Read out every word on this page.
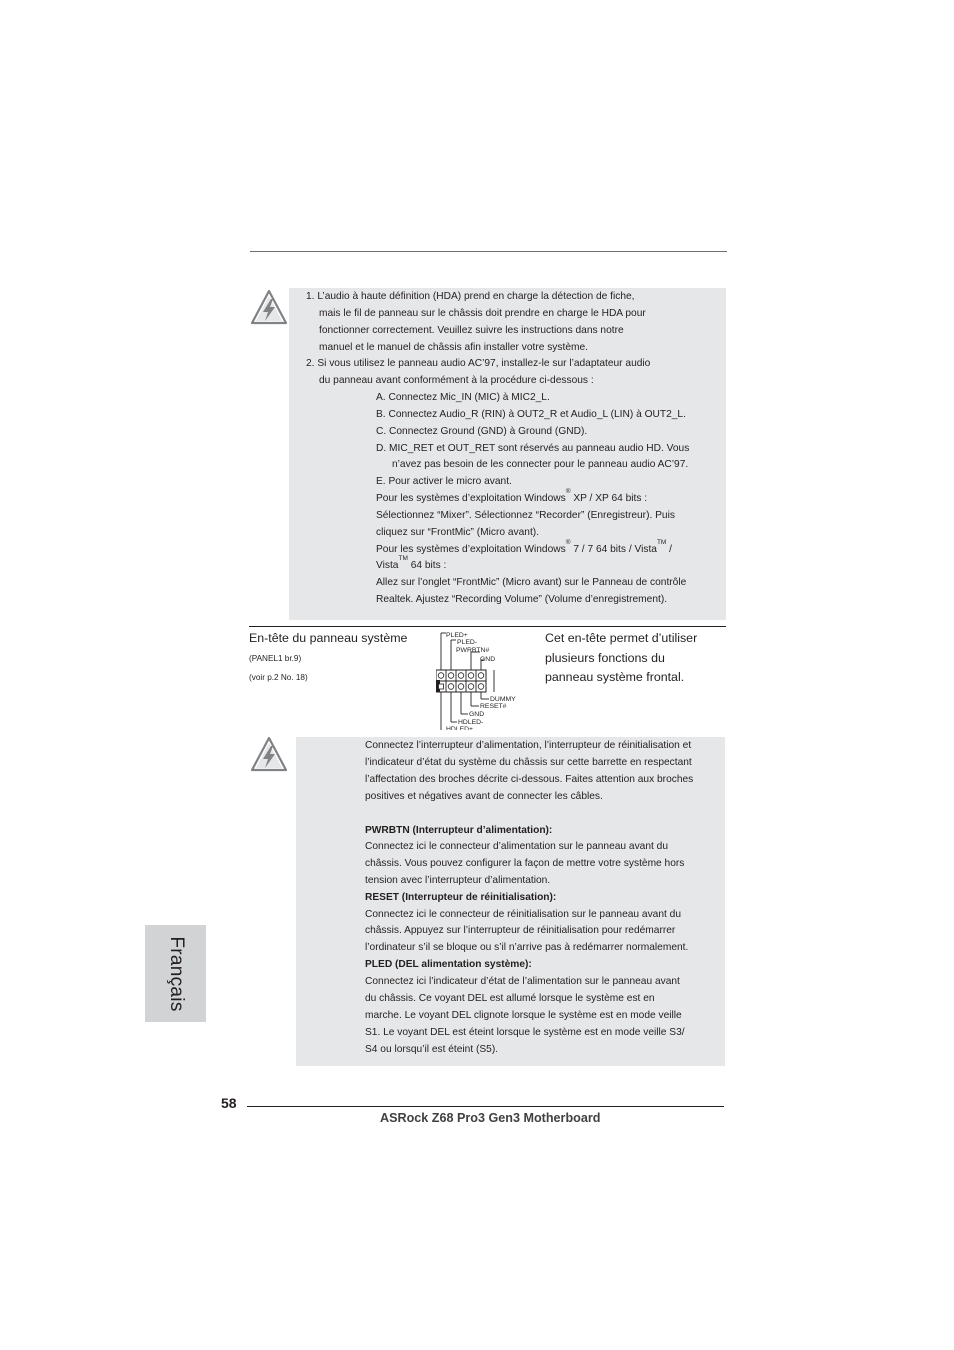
1. L’audio à haute définition (HDA) prend en charge la détection de fiche,
mais le fil de panneau sur le châssis doit prendre en charge le HDA pour
fonctionner correctement. Veuillez suivre les instructions dans notre
manuel et le manuel de châssis afin installer votre système.
2. Si vous utilisez le panneau audio AC’97, installez-le sur l’adaptateur audio
du panneau avant conformément à la procédure ci-dessous :
A. Connectez Mic_IN (MIC) à MIC2_L.
B. Connectez Audio_R (RIN) à OUT2_R et Audio_L (LIN) à OUT2_L.
C. Connectez Ground (GND) à Ground (GND).
D. MIC_RET et OUT_RET sont réservés au panneau audio HD. Vous
n’avez pas besoin de les connecter pour le panneau audio AC’97.
E. Pour activer le micro avant.
Pour les systèmes d’exploitation Windows® XP / XP 64 bits :
Sélectionnez “Mixer”. Sélectionnez “Recorder” (Enregistreur). Puis
cliquez sur “FrontMic” (Micro avant).
Pour les systèmes d’exploitation Windows® 7 / 7 64 bits / Vista™ /
Vista™ 64 bits :
Allez sur l’onglet “FrontMic” (Micro avant) sur le Panneau de contrôle
Realtek. Ajustez “Recording Volume” (Volume d’enregistrement).
En-tête du panneau système
(PANEL1 br.9)
(voir p.2 No. 18)
PLED+
PLED-
PWRBTN#
GND
DUMMY
RESET#
GND
HDLED-
HDLED+
Cet en-tête permet d’utiliser
plusieurs fonctions du
panneau système frontal.
Connectez l’interrupteur d’alimentation, l’interrupteur de réinitialisation et
l’indicateur d’état du système du châssis sur cette barrette en respectant
l’affectation des broches décrite ci-dessous. Faites attention aux broches
positives et négatives avant de connecter les câbles.
PWRBTN (Interrupteur d’alimentation):
Connectez ici le connecteur d’alimentation sur le panneau avant du
châssis. Vous pouvez configurer la façon de mettre votre système hors
tension avec l’interrupteur d’alimentation.
RESET (Interrupteur de réinitialisation):
Connectez ici le connecteur de réinitialisation sur le panneau avant du
châssis. Appuyez sur l’interrupteur de réinitialisation pour redémarrer
l’ordinateur s’il se bloque ou s’il n’arrive pas à redémarrer normalement.
PLED (DEL alimentation système):
Connectez ici l’indicateur d’état de l’alimentation sur le panneau avant
du châssis. Ce voyant DEL est allumé lorsque le système est en
marche. Le voyant DEL clignote lorsque le système est en mode veille
S1. Le voyant DEL est éteint lorsque le système est en mode veille S3/
S4 ou lorsqu’il est éteint (S5).
Français
58
ASRock Z68 Pro3 Gen3 Motherboard
